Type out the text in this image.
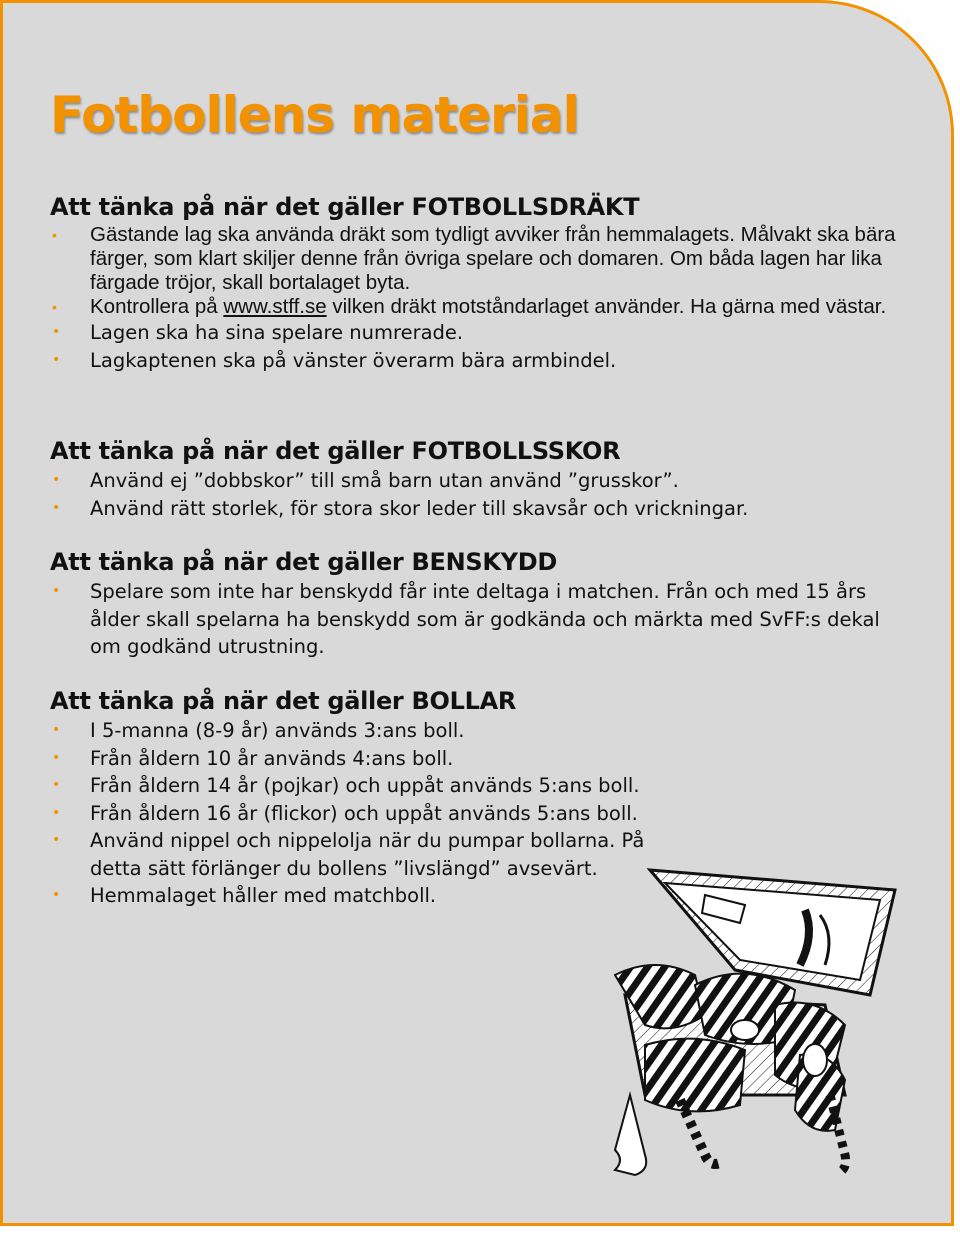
Fotbollens material
Att tänka på när det gäller FOTBOLLSDRÄKT
• Gästande lag ska använda dräkt som tydligt avviker från hemmalagets. Målvakt ska bära färger, som klart skiljer denne från övriga spelare och domaren. Om båda lagen har lika färgade tröjor, skall bortalaget byta.
• Kontrollera på www.stff.se vilken dräkt motståndarlaget använder. Ha gärna med västar.
• Lagen ska ha sina spelare numrerade.
• Lagkaptenen ska på vänster överarm bära armbindel.
Att tänka på när det gäller FOTBOLLSSKOR
• Använd ej ”dobbskor” till små barn utan använd ”grusskor”.
• Använd rätt storlek, för stora skor leder till skavsår och vrickningar.
Att tänka på när det gäller BENSKYDD
• Spelare som inte har benskydd får inte deltaga i matchen. Från och med 15 års ålder skall spelarna ha benskydd som är godkända och märkta med SvFF:s dekal om godkänd utrustning.
Att tänka på när det gäller BOLLAR
• I 5-manna (8-9 år) används 3:ans boll.
• Från åldern 10 år används 4:ans boll.
• Från åldern 14 år (pojkar) och uppåt används 5:ans boll.
• Från åldern 16 år (flickor) och uppåt används 5:ans boll.
• Använd nippel och nippelolja när du pumpar bollarna. På detta sätt förlänger du bollens ”livslängd” avsevärt.
• Hemmalaget håller med matchboll.
